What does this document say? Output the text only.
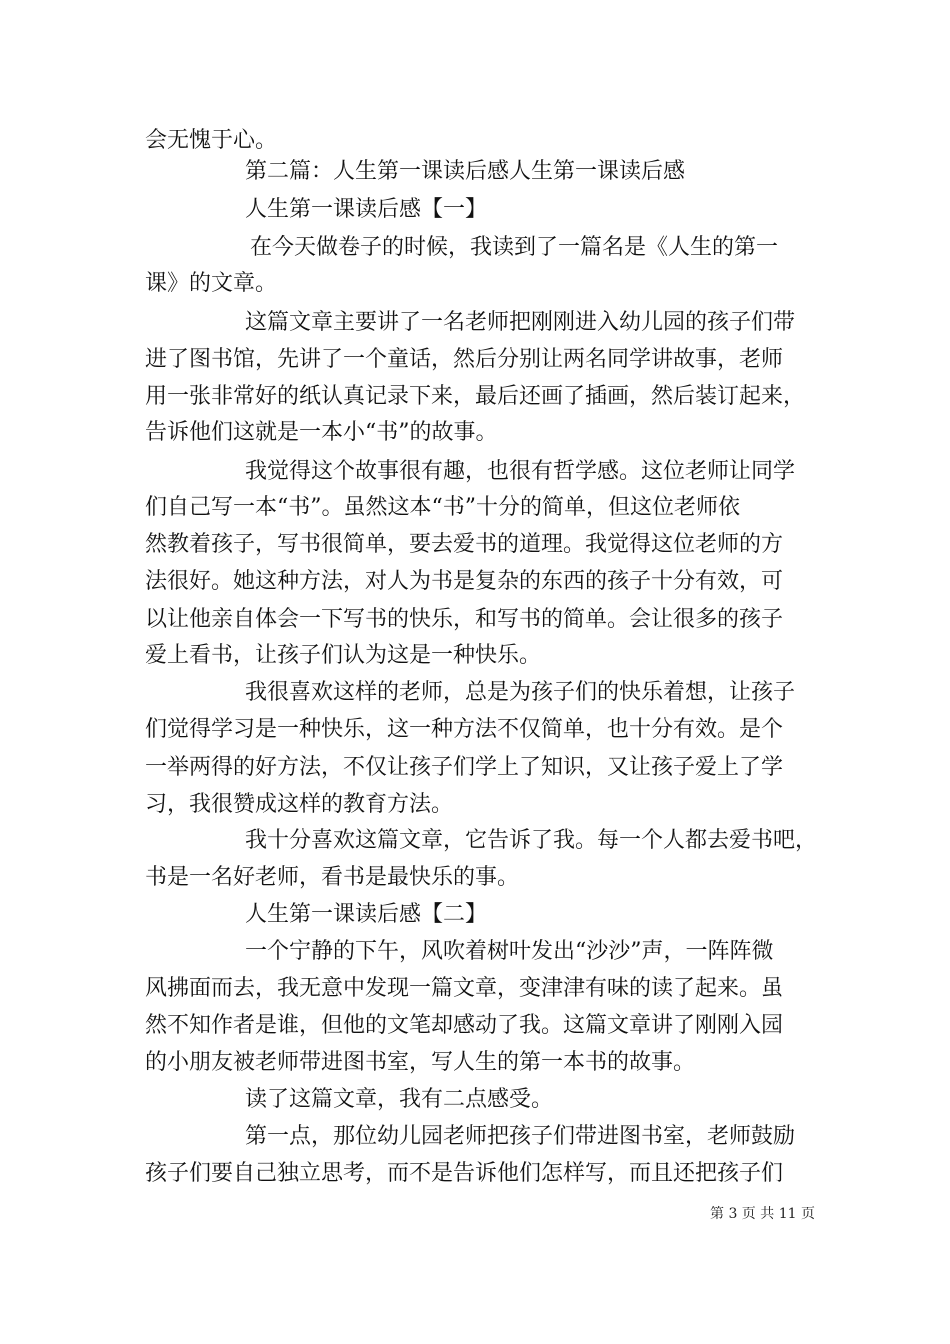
会无愧于心。
第二篇：人生第一课读后感人生第一课读后感
人生第一课读后感【一】
在今天做卷子的时候，我读到了一篇名是《人生的第一
课》的文章。
这篇文章主要讲了一名老师把刚刚进入幼儿园的孩子们带
进了图书馆，先讲了一个童话，然后分别让两名同学讲故事，老师
用一张非常好的纸认真记录下来，最后还画了插画，然后装订起来，
告诉他们这就是一本小“书”的故事。
我觉得这个故事很有趣，也很有哲学感。这位老师让同学
们自己写一本“书”。虽然这本“书”十分的简单，但这位老师依
然教着孩子，写书很简单，要去爱书的道理。我觉得这位老师的方
法很好。她这种方法，对人为书是复杂的东西的孩子十分有效，可
以让他亲自体会一下写书的快乐，和写书的简单。会让很多的孩子
爱上看书，让孩子们认为这是一种快乐。
我很喜欢这样的老师，总是为孩子们的快乐着想，让孩子
们觉得学习是一种快乐，这一种方法不仅简单，也十分有效。是个
一举两得的好方法，不仅让孩子们学上了知识，又让孩子爱上了学
习，我很赞成这样的教育方法。
我十分喜欢这篇文章，它告诉了我。每一个人都去爱书吧，
书是一名好老师，看书是最快乐的事。
人生第一课读后感【二】
一个宁静的下午，风吹着树叶发出“沙沙”声，一阵阵微
风拂面而去，我无意中发现一篇文章，变津津有味的读了起来。虽
然不知作者是谁，但他的文笔却感动了我。这篇文章讲了刚刚入园
的小朋友被老师带进图书室，写人生的第一本书的故事。
读了这篇文章，我有二点感受。
第一点，那位幼儿园老师把孩子们带进图书室，老师鼓励
孩子们要自己独立思考，而不是告诉他们怎样写，而且还把孩子们
第 3 页 共 11 页
